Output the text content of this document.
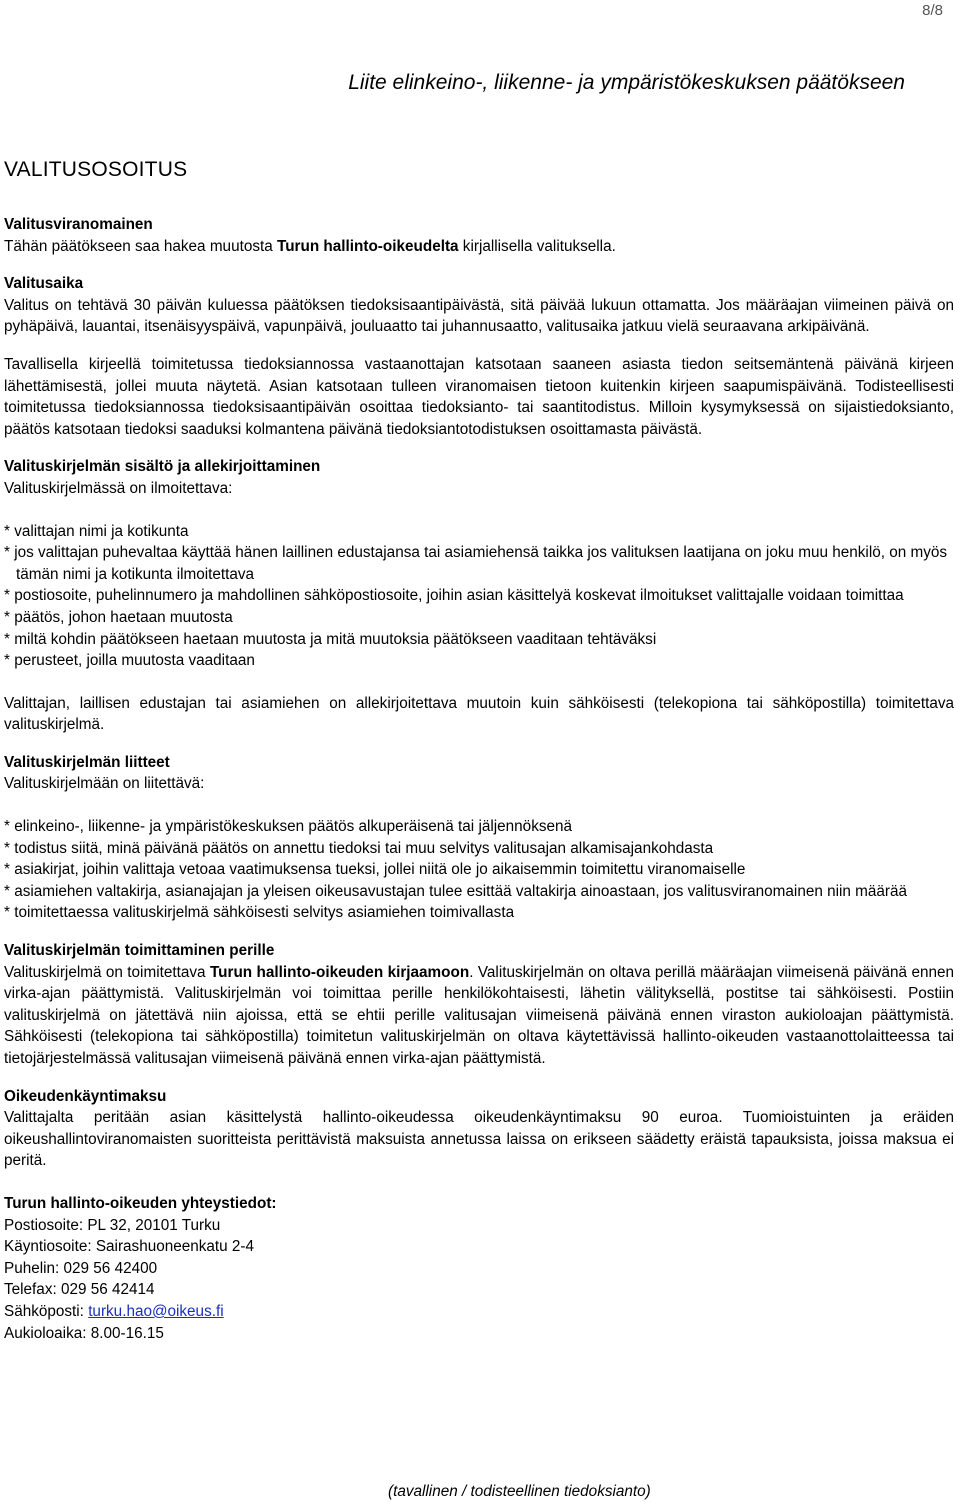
8/8
Liite elinkeino-, liikenne- ja ympäristökeskuksen päätökseen
VALITUSOSOITUS
Valitusviranomainen

Tähän päätökseen saa hakea muutosta Turun hallinto-oikeudelta kirjallisella valituksella.

Valitusaika

Valitus on tehtävä 30 päivän kuluessa päätöksen tiedoksisaantipäivästä, sitä päivää lukuun ottamatta. Jos määräajan viimeinen päivä on pyhäpäivä, lauantai, itsenäisyyspäivä, vapunpäivä, jouluaatto tai juhannusaatto, valitusaika jatkuu vielä seuraavana arkipäivänä.

Tavallisella kirjeellä toimitetussa tiedoksiannossa vastaanottajan katsotaan saaneen asiasta tiedon seitsemäntenä päivänä kirjeen lähettämisestä, jollei muuta näytetä. Asian katsotaan tulleen viranomaisen tietoon kuitenkin kirjeen saapumispäivänä. Todisteellisesti toimitetussa tiedoksiannossa tiedoksisaantipäivän osoittaa tiedoksianto- tai saantitodistus. Milloin kysymyksessä on sijaistiedoksianto, päätös katsotaan tiedoksi saaduksi kolmantena päivänä tiedoksiantotodistuksen osoittamasta päivästä.

Valituskirjelmän sisältö ja allekirjoittaminen

Valituskirjelmässä on ilmoitettava:

* valittajan nimi ja kotikunta
* jos valittajan puhevaltaa käyttää hänen laillinen edustajansa tai asiamiehensä taikka jos valituksen laatijana on joku muu henkilö, on myös tämän nimi ja kotikunta ilmoitettava
* postiosoite, puhelinnumero ja mahdollinen sähköpostiosoite, joihin asian käsittelyä koskevat ilmoitukset valittajalle voidaan toimittaa
* päätös, johon haetaan muutosta
* miltä kohdin päätökseen haetaan muutosta ja mitä muutoksia päätökseen vaaditaan tehtäväksi
* perusteet, joilla muutosta vaaditaan

Valittajan, laillisen edustajan tai asiamiehen on allekirjoitettava muutoin kuin sähköisesti (telekopiona tai sähköpostilla) toimitettava valituskirjelmä.

Valituskirjelmän liitteet

Valituskirjelmään on liitettävä:

* elinkeino-, liikenne- ja ympäristökeskuksen päätös alkuperäisenä tai jäljennöksenä
* todistus siitä, minä päivänä päätös on annettu tiedoksi tai muu selvitys valitusajan alkamisajankohdasta
* asiakirjat, joihin valittaja vetoaa vaatimuksensa tueksi, jollei niitä ole jo aikaisemmin toimitettu viranomaiselle
* asiamiehen valtakirja, asianajajan ja yleisen oikeusavustajan tulee esittää valtakirja ainoastaan, jos valitusviranomainen niin määrää
* toimitettaessa valituskirjelmä sähköisesti selvitys asiamiehen toimivallasta
Valituskirjelmän toimittaminen perille

Valituskirjelmä on toimitettava Turun hallinto-oikeuden kirjaamoon. Valituskirjelmän on oltava perillä määräajan viimeisenä päivänä ennen virka-ajan päättymistä. Valituskirjelmän voi toimittaa perille henkilökohtaisesti, lähetin välityksellä, postitse tai sähköisesti. Postiin valituskirjelmä on jätettävä niin ajoissa, että se ehtii perille valitusajan viimeisenä päivänä ennen viraston aukioloajan päättymistä. Sähköisesti (telekopiona tai sähköpostilla) toimitetun valituskirjelmän on oltava käytettävissä hallinto-oikeuden vastaanottolaitteessa tai tietojärjestelmässä valitusajan viimeisenä päivänä ennen virka-ajan päättymistä.

Oikeudenkäyntimaksu

Valittajalta peritään asian käsittelystä hallinto-oikeudessa oikeudenkäyntimaksu 90 euroa. Tuomioistuinten ja eräiden oikeushallintoviranomaisten suoritteista perittävistä maksuista annetussa laissa on erikseen säädetty eräistä tapauksista, joissa maksua ei peritä.

Turun hallinto-oikeuden yhteystiedot:
Postiosoite: PL 32, 20101 Turku
Käyntiosoite: Sairashuoneenkatu 2-4
Puhelin: 029 56 42400
Telefax: 029 56 42414
Sähköposti: turku.hao@oikeus.fi
Aukioloaika: 8.00-16.15
(tavallinen / todisteellinen tiedoksianto)
